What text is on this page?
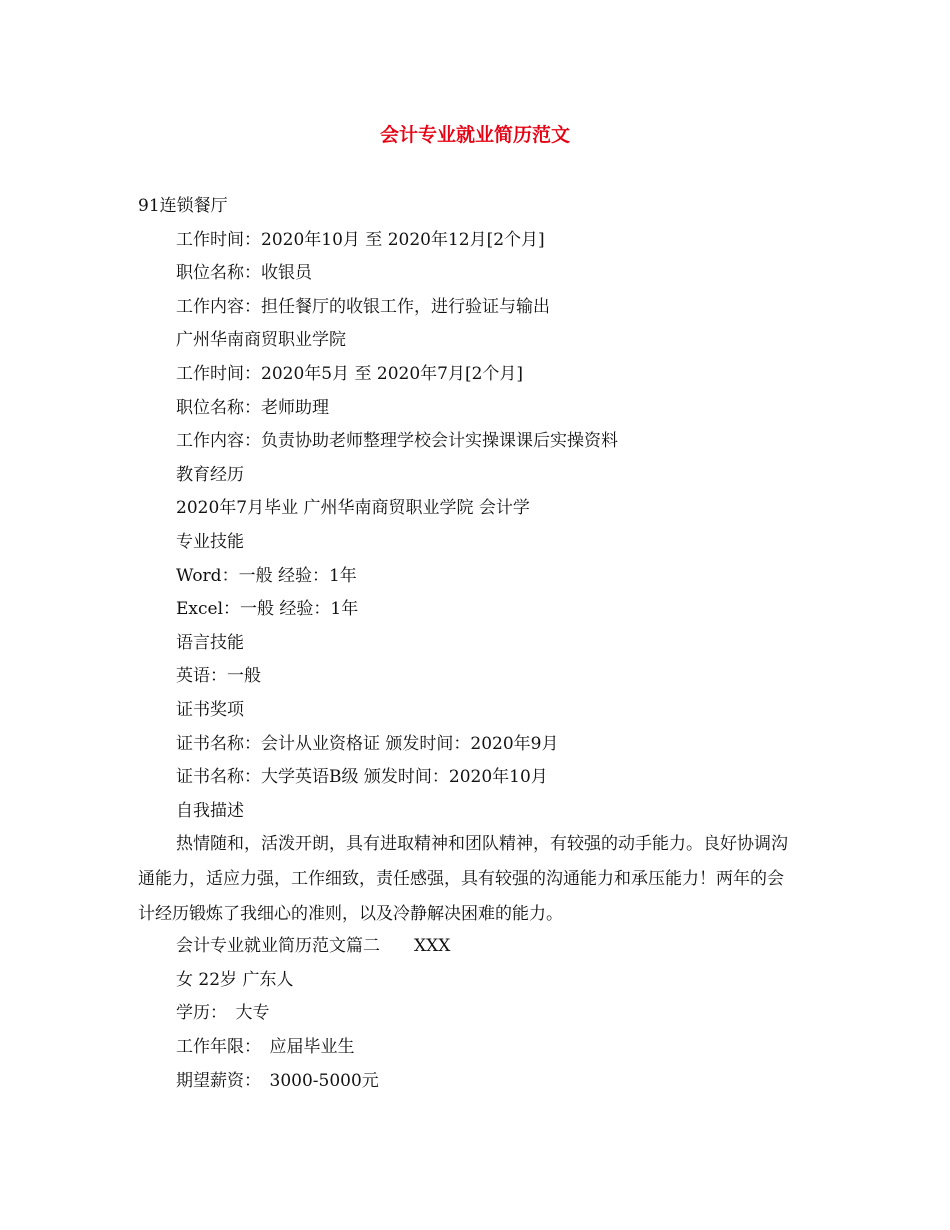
会计专业就业简历范文
91连锁餐厅
工作时间：2020年10月 至 2020年12月[2个月]
职位名称：收银员
工作内容：担任餐厅的收银工作，进行验证与输出
广州华南商贸职业学院
工作时间：2020年5月 至 2020年7月[2个月]
职位名称：老师助理
工作内容：负责协助老师整理学校会计实操课课后实操资料
教育经历
2020年7月毕业 广州华南商贸职业学院 会计学
专业技能
Word：一般 经验：1年
Excel：一般 经验：1年
语言技能
英语：一般
证书奖项
证书名称：会计从业资格证 颁发时间：2020年9月
证书名称：大学英语B级 颁发时间：2020年10月
自我描述
热情随和，活泼开朗，具有进取精神和团队精神，有较强的动手能力。良好协调沟通能力，适应力强，工作细致，责任感强，具有较强的沟通能力和承压能力！两年的会计经历锻炼了我细心的准则，以及冷静解决困难的能力。
会计专业就业简历范文篇二　　XXX
女 22岁 广东人
学历：　大专
工作年限：　应届毕业生
期望薪资：　3000-5000元
